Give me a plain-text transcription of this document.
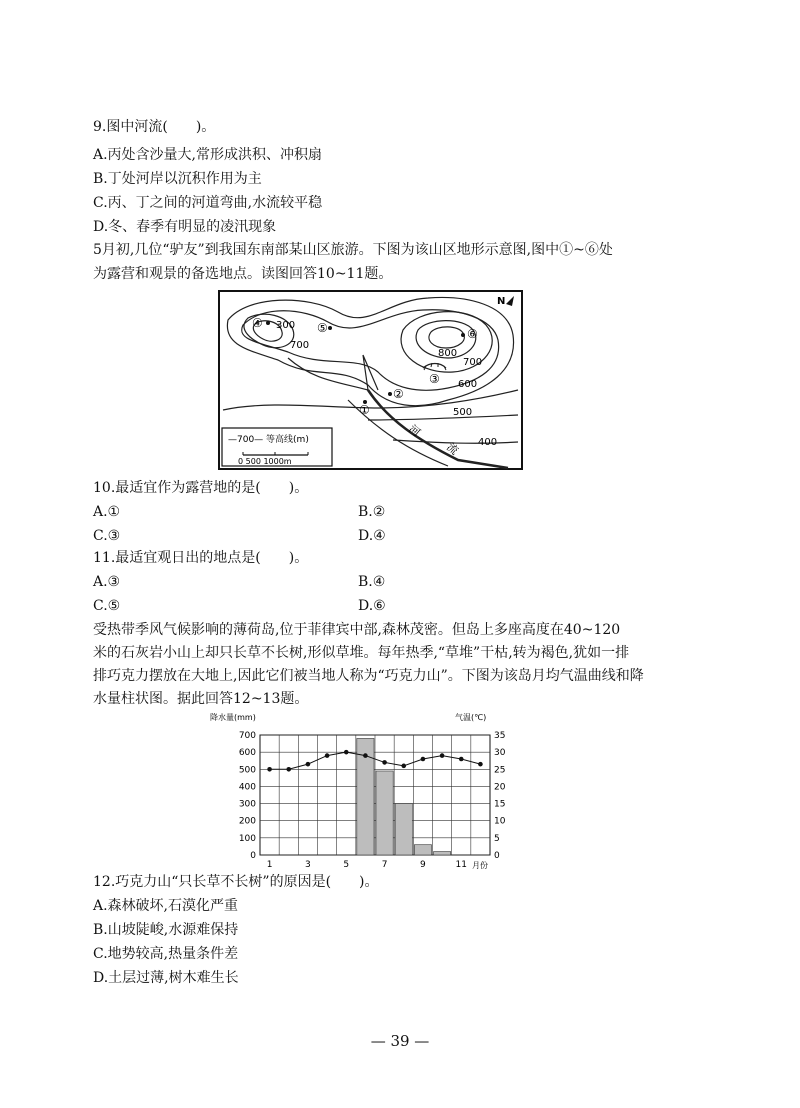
9.图中河流(　　)。
A.丙处含沙量大,常形成洪积、冲积扇
B.丁处河岸以沉积作用为主
C.丙、丁之间的河道弯曲,水流较平稳
D.冬、春季有明显的凌汛现象
5月初,几位“驴友”到我国东南部某山区旅游。下图为该山区地形示意图,图中①~⑥处
为露营和观景的备选地点。读图回答10~11题。
300
700
800
700
600
500
400
①
②
③
④	⑤	⑥
河
流
N
—700— 等高线(m)
0 500 1000m
10.最适宜作为露营地的是(　　)。
A.①	B.②
C.③	D.④
11.最适宜观日出的地点是(　　)。
A.③	B.④
C.⑤	D.⑥
受热带季风气候影响的薄荷岛,位于菲律宾中部,森林茂密。但岛上多座高度在40~120
米的石灰岩小山上却只长草不长树,形似草堆。每年热季,“草堆”干枯,转为褐色,犹如一排
排巧克力摆放在大地上,因此它们被当地人称为“巧克力山”。下图为该岛月均气温曲线和降
水量柱状图。据此回答12~13题。
降水量(mm)	气温(℃)
0
100
200
300
400
500
600
700
0
5
10
15
20
25
30
35
1	3	5	7	9	11 月份
12.巧克力山“只长草不长树”的原因是(　　)。
A.森林破坏,石漠化严重
B.山坡陡峻,水源难保持
C.地势较高,热量条件差
D.土层过薄,树木难生长
— 39 —
